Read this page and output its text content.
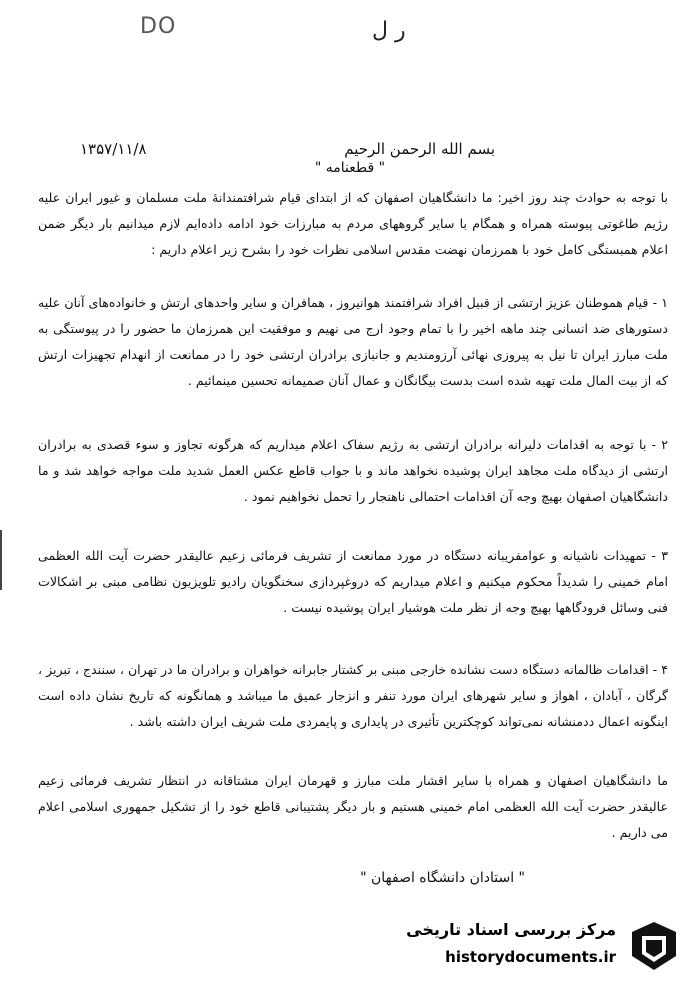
DO	ر ل
۱۳۵۷/۱۱/۸	بسم الله الرحمن الرحیم
" قطعنامه "
با توجه به حوادث چند روز اخیر: ما دانشگاهیان اصفهان که از ابتدای قیام شرافتمندانهٔ ملت مسلمان و غیور ایران علیه رژیم طاغوتی پیوسته همراه و همگام با سایر گروههای مردم به مبارزات خود ادامه داده‌ایم لازم میدانیم بار دیگر ضمن اعلام همبستگی کامل خود با همرزمان نهضت مقدس اسلامی نظرات خود را بشرح زیر اعلام داریم :
۱ - قیام هموطنان عزیز ارتشی از قبیل افراد شرافتمند هوانیروز ، همافران و سایر واحدهای ارتش و خانواده‌های آنان علیه دستورهای ضد انسانی چند ماهه اخیر را با تمام وجود ارج می نهیم و موفقیت این همرزمان ما حضور را در پیوستگی به ملت مبارز ایران تا نیل به پیروزی نهائی آرزومندیم و جانبازی برادران ارتشی خود را در ممانعت از انهدام تجهیزات ارتش که از بیت المال ملت تهیه شده است بدست بیگانگان و عمال آنان صمیمانه تحسین مینمائیم .
۲ - با توجه به اقدامات دلیرانه برادران ارتشی به رژیم سفاک اعلام میداریم که هرگونه تجاوز و سوء قصدی به برادران ارتشی از دیدگاه ملت مجاهد ایران پوشیده نخواهد ماند و با جواب قاطع عکس العمل شدید ملت مواجه خواهد شد و ما دانشگاهیان اصفهان بهیچ وجه آن اقدامات احتمالی ناهنجار را تحمل نخواهیم نمود .
۳ - تمهیدات ناشیانه و عوامفریبانه دستگاه در مورد ممانعت از تشریف فرمائی زعیم عالیقدر حضرت آیت الله العظمی امام خمینی را شدیداً محکوم میکنیم و اعلام میداریم که دروغپردازی سخنگویان رادیو تلویزیون نظامی مبنی بر اشکالات فنی وسائل فرودگاهها بهیچ وجه از نظر ملت هوشیار ایران پوشیده نیست .
۴ - اقدامات ظالمانه دستگاه دست نشانده خارجی مبنی بر کشتار جابرانه خواهران و برادران ما در تهران ، سنندج ، تبریز ، گرگان ، آبادان ، اهواز و سایر شهرهای ایران مورد تنفر و انزجار عمیق ما میباشد و همانگونه که تاریخ نشان داده است اینگونه اعمال ددمنشانه نمی‌تواند کوچکترین تأثیری در پایداری و پایمردی ملت شریف ایران داشته باشد .
ما دانشگاهیان اصفهان و همراه با سایر اقشار ملت مبارز و قهرمان ایران مشتاقانه در انتظار تشریف فرمائی زعیم عالیقدر حضرت آیت الله العظمی امام خمینی هستیم و بار دیگر پشتیبانی قاطع خود را از تشکیل جمهوری اسلامی اعلام می داریم .
" استادان دانشگاه اصفهان "
مرکز بررسی اسناد تاریخی
historydocuments.ir
